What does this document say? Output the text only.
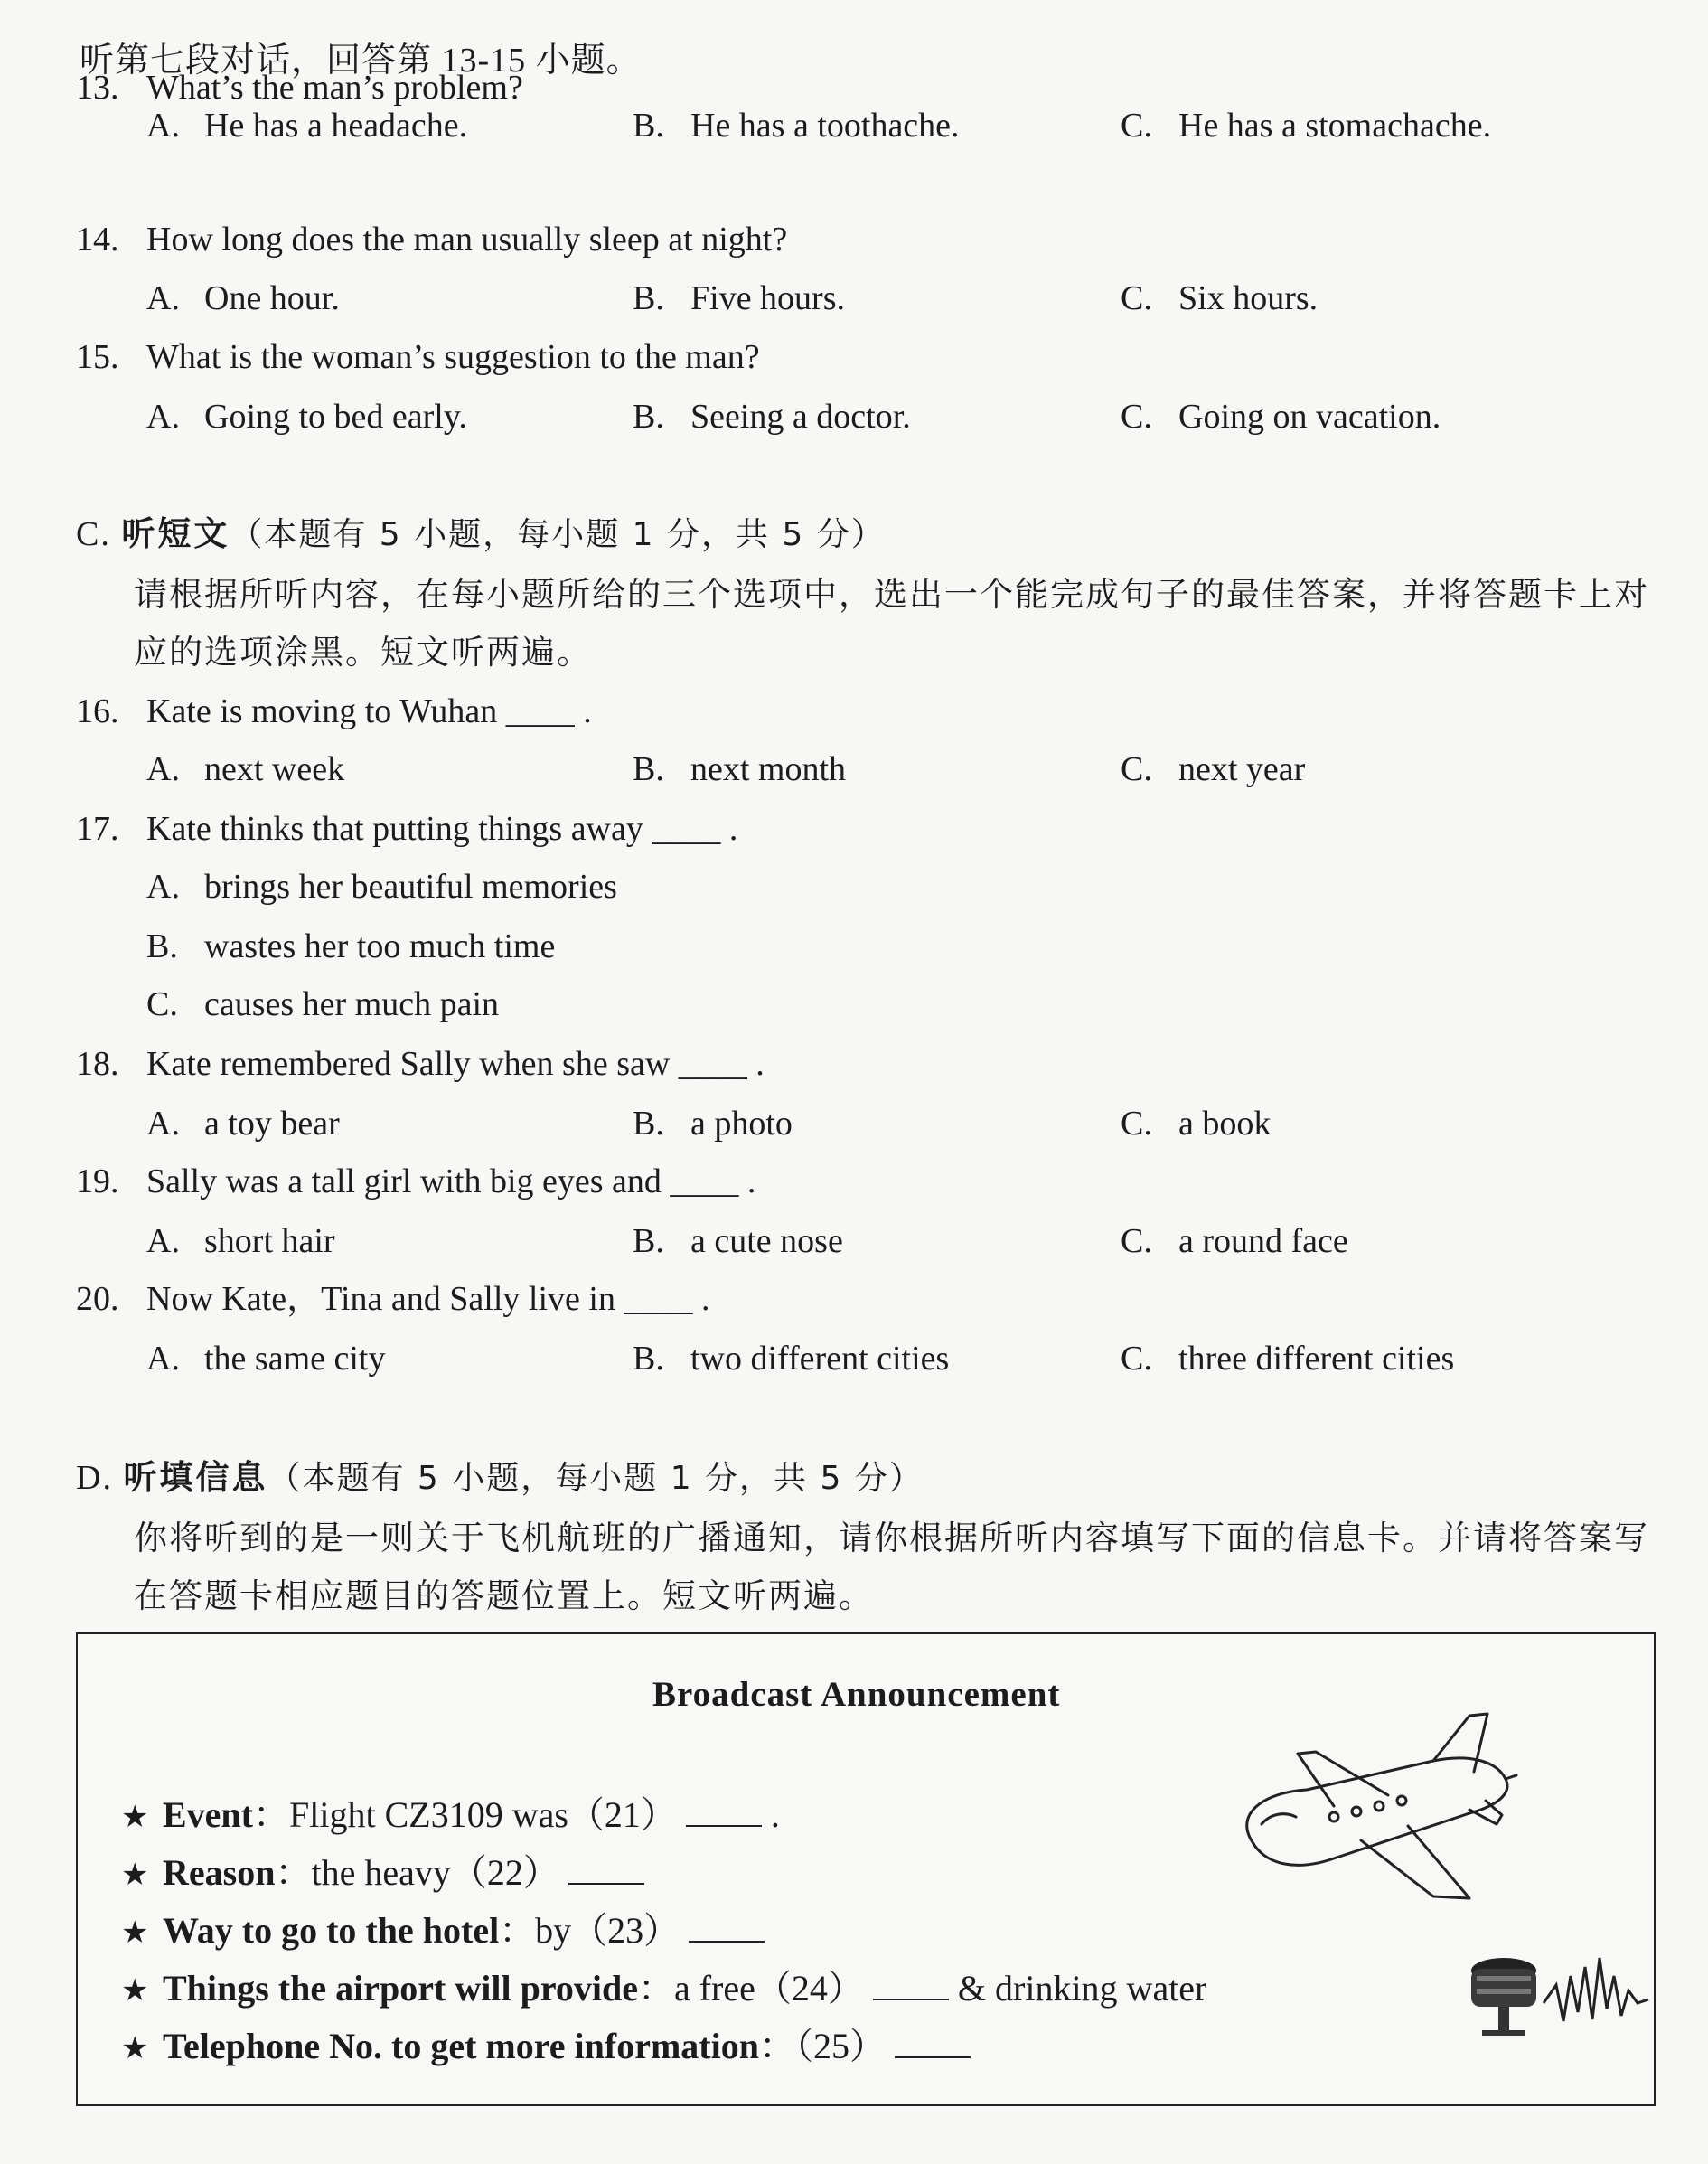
听第七段对话，回答第 13-15 小题。
13. What’s the man’s problem?
A. He has a headache.	B. He has a toothache.	C. He has a stomachache.
14. How long does the man usually sleep at night?
A. One hour.	B. Five hours.	C. Six hours.
15. What is the woman’s suggestion to the man?
A. Going to bed early.	B. Seeing a doctor.	C. Going on vacation.
C. 听短文（本题有 5 小题，每小题 1 分，共 5 分）
请根据所听内容，在每小题所给的三个选项中，选出一个能完成句子的最佳答案，并将答题卡上对应的选项涂黑。短文听两遍。
16. Kate is moving to Wuhan ____ .
A. next week	B. next month	C. next year
17. Kate thinks that putting things away ____ .
A. brings her beautiful memories
B. wastes her too much time
C. causes her much pain
18. Kate remembered Sally when she saw ____ .
A. a toy bear	B. a photo	C. a book
19. Sally was a tall girl with big eyes and ____ .
A. short hair	B. a cute nose	C. a round face
20. Now Kate，Tina and Sally live in ____ .
A. the same city	B. two different cities	C. three different cities
D. 听填信息（本题有 5 小题，每小题 1 分，共 5 分）
你将听到的是一则关于飞机航班的广播通知，请你根据所听内容填写下面的信息卡。并请将答案写在答题卡相应题目的答题位置上。短文听两遍。
Broadcast Announcement
★ Event：Flight CZ3109 was（21）	.
★ Reason：the heavy（22）
★ Way to go to the hotel：by（23）
★ Things the airport will provide：a free（24）	& drinking water
★ Telephone No. to get more information：（25）
